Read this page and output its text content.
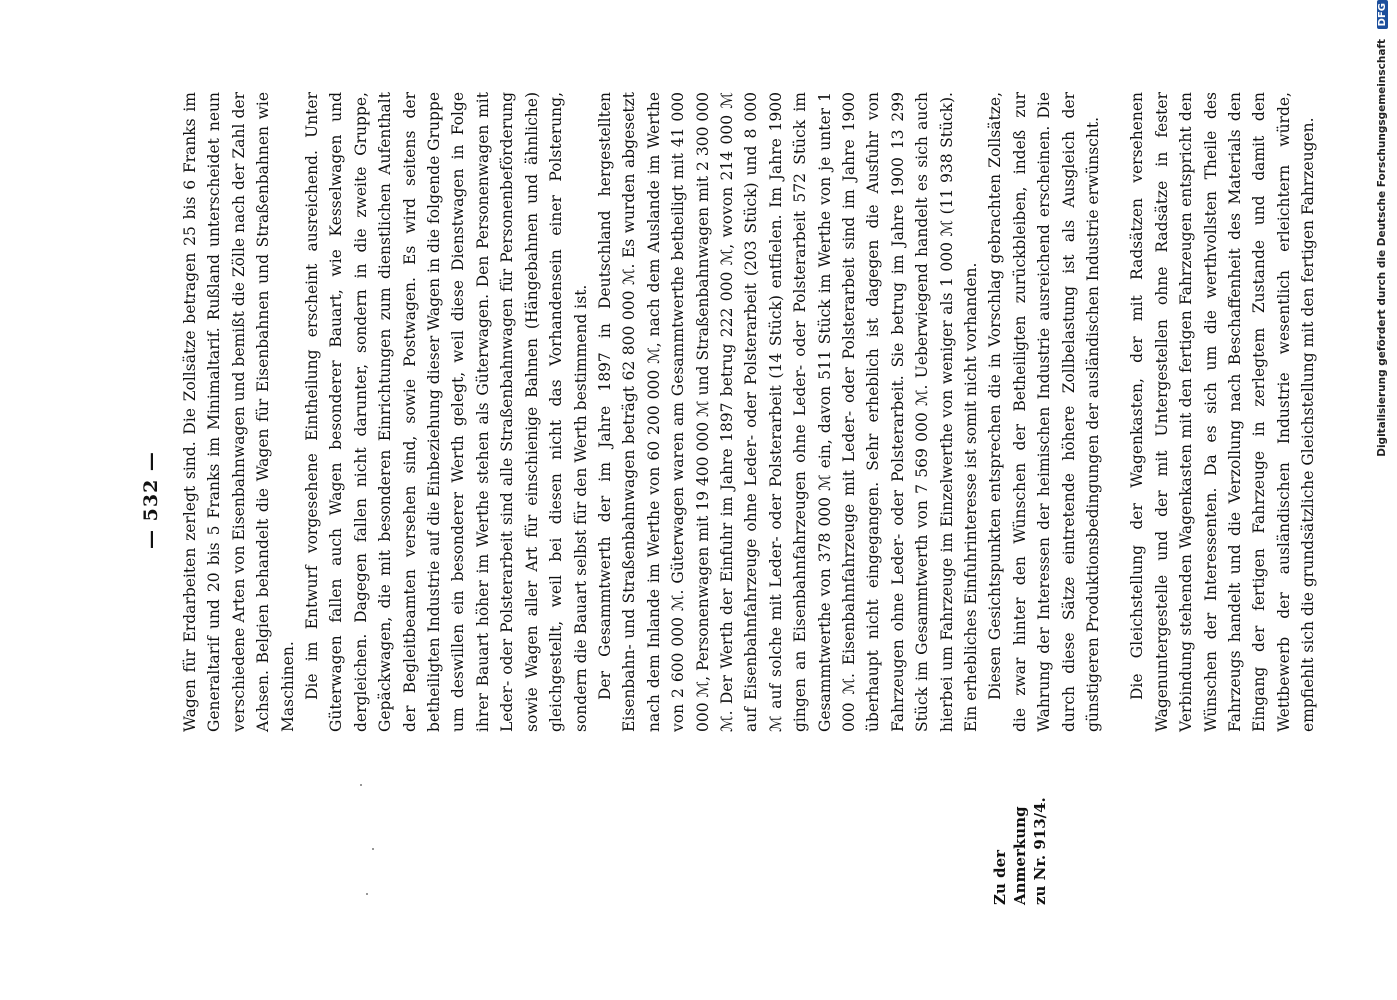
— 532 — Wagen für Erdarbeiten zerlegt sind. Die Zollsätze betragen 25 bis 6 Franks im Generaltarif und 20 bis 5 Franks im Minimaltarif. Rußland unterscheidet neun verschiedene Arten von Eisenbahnwagen und bemißt die Zölle nach der Zahl der Achsen. Belgien behandelt die Wagen für Eisenbahnen und Straßenbahnen wie Maschinen. Die im Entwurf vorgesehene Eintheilung erscheint ausreichend. Unter Güterwagen fallen auch Wagen besonderer Bauart, wie Kesselwagen und dergleichen. Dagegen fallen nicht darunter, sondern in die zweite Gruppe, Gepäckwagen, die mit besonderen Einrichtungen zum dienstlichen Aufenthalt der Begleitbeamten versehen sind, sowie Postwagen. Es wird seitens der betheiligten Industrie auf die Einbeziehung dieser Wagen in die folgende Gruppe um deswillen ein besonderer Werth gelegt, weil diese Dienstwagen in Folge ihrer Bauart höher im Werthe stehen als Güterwagen. Den Personenwagen mit Leder- oder Polsterarbeit sind alle Straßenbahnwagen für Personenbeförderung sowie Wagen aller Art für einschienige Bahnen (Hängebahnen und ähnliche) gleichgestellt, weil bei diesen nicht das Vorhandensein einer Polsterung, sondern die Bauart selbst für den Werth bestimmend ist. Der Gesammtwerth der im Jahre 1897 in Deutschland hergestellten Eisenbahn- und Straßenbahnwagen beträgt 62 800 000 ℳ. Es wurden abgesetzt nach dem Inlande im Werthe von 60 200 000 ℳ, nach dem Auslande im Werthe von 2 600 000 ℳ. Güterwagen waren am Gesammtwerthe betheiligt mit 41 000 000 ℳ, Personenwagen mit 19 400 000 ℳ und Straßenbahnwagen mit 2 300 000 ℳ. Der Werth der Einfuhr im Jahre 1897 betrug 222 000 ℳ, wovon 214 000 ℳ auf Eisenbahnfahrzeuge ohne Leder- oder Polsterarbeit (203 Stück) und 8 000 ℳ auf solche mit Leder- oder Polsterarbeit (14 Stück) entfielen. Im Jahre 1900 gingen an Eisenbahnfahrzeugen ohne Leder- oder Polsterarbeit 572 Stück im Gesammtwerthe von 378 000 ℳ ein, davon 511 Stück im Werthe von je unter 1 000 ℳ. Eisenbahnfahrzeuge mit Leder- oder Polsterarbeit sind im Jahre 1900 überhaupt nicht eingegangen. Sehr erheblich ist dagegen die Ausfuhr von Fahrzeugen ohne Leder- oder Polsterarbeit. Sie betrug im Jahre 1900 13 299 Stück im Gesammtwerth von 7 569 000 ℳ. Ueberwiegend handelt es sich auch hierbei um Fahrzeuge im Einzelwerthe von weniger als 1 000 ℳ (11 938 Stück). Ein erhebliches Einfuhrinteresse ist somit nicht vorhanden. Diesen Gesichtspunkten entsprechen die in Vorschlag gebrachten Zollsätze, die zwar hinter den Wünschen der Betheiligten zurückbleiben, indeß zur Wahrung der Interessen der heimischen Industrie ausreichend erscheinen. Die durch diese Sätze eintretende höhere Zollbelastung ist als Ausgleich der günstigeren Produktionsbedingungen der ausländischen Industrie erwünscht. Die Gleichstellung der Wagenkasten, der mit Radsätzen versehenen Wagenuntergestelle und der mit Untergestellen ohne Radsätze in fester Verbindung stehenden Wagenkasten mit den fertigen Fahrzeugen entspricht den Wünschen der Interessenten. Da es sich um die werthvollsten Theile des Fahrzeugs handelt und die Verzollung nach Beschaffenheit des Materials den Eingang der fertigen Fahrzeuge in zerlegtem Zustande und damit den Wettbewerb der ausländischen Industrie wesentlich erleichtern würde, empfiehlt sich die grundsätzliche Gleichstellung mit den fertigen Fahrzeugen.

Zu der Anmerkung zu Nr. 913/4.
Digitalisierung gefördert durch die Deutsche Forschungsgemeinschaft DFG
